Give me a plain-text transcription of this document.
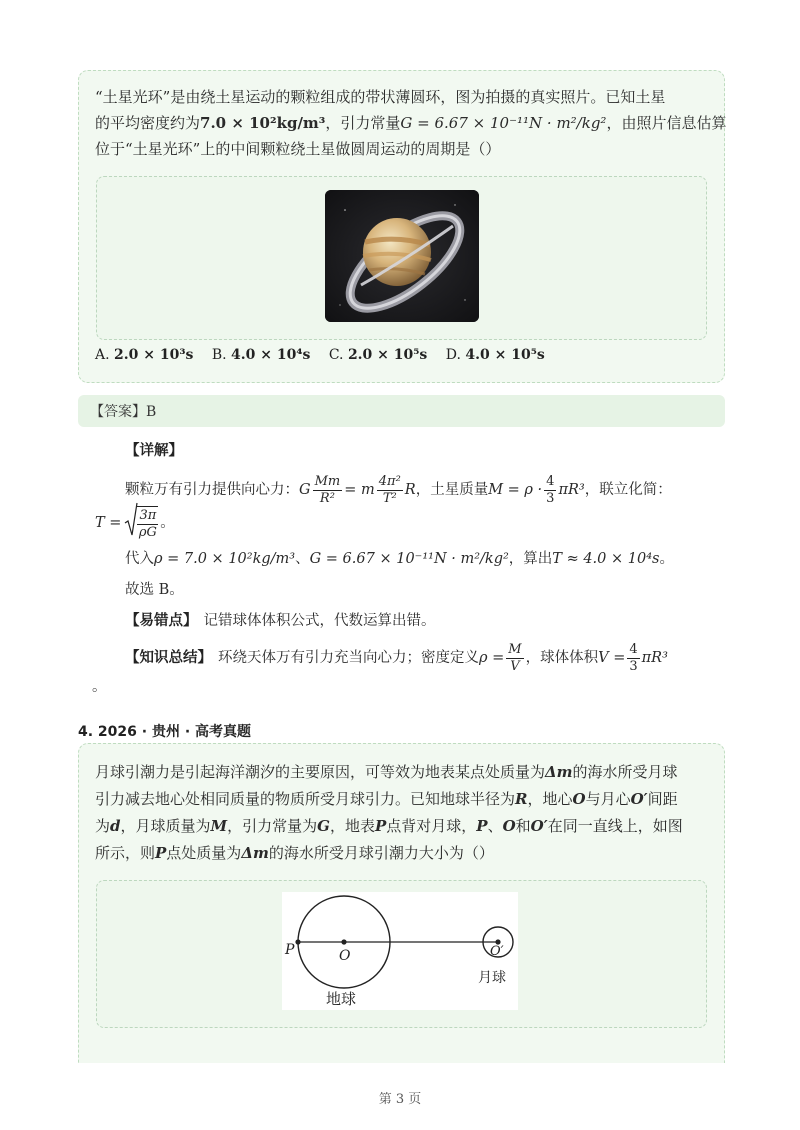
“土星光环”是由绕土星运动的颗粒组成的带状薄圆环，图为拍摄的真实照片。已知土星
的平均密度约为7.0 × 10²kg/m³，引力常量G = 6.67 × 10⁻¹¹N · m²/kg²，由照片信息估算
位于“土星光环”上的中间颗粒绕土星做圆周运动的周期是（）
A. 2.0 × 10³s B. 4.0 × 10⁴s C. 2.0 × 10⁵s D. 4.0 × 10⁵s
【答案】B
【详解】
颗粒万有引力提供向心力： G $\frac{Mm}{\text{R²}} = m \frac{\text{4π²}}{\text{T²}}$ R ，土星质量 $M = \rho \cdot \frac{4}{3} \pi R^3$ ，联立化简：
$T = \frac{3\pi}{\rho G}$ 。
代入ρ = 7.0 × 10²kg/m³、G = 6.67 × 10⁻¹¹N · m²/kg²，算出T ≈ 4.0 × 10⁴s。
故选 B。
【易错点】 记错球体体积公式，代数运算出错。
【知识总结】 环绕天体万有引力充当向心力；密度定义 $\rho = \frac{M}{V}$ ，球体体积 $V = \frac{4}{3} \pi R^3$
。
4. 2026 · 贵州 · 高考真题
月球引潮力是引起海洋潮汐的主要原因，可等效为地表某点处质量为Δm的海水所受月球
引力减去地心处相同质量的物质所受月球引力。已知地球半径为R，地心O与月心O′间距
为d，月球质量为M，引力常量为G，地表P点背对月球，P、O和O′在同一直线上，如图
所示，则P点处质量为Δm的海水所受月球引潮力大小为（）
P	O	O′
月球
地球
第 3 页
